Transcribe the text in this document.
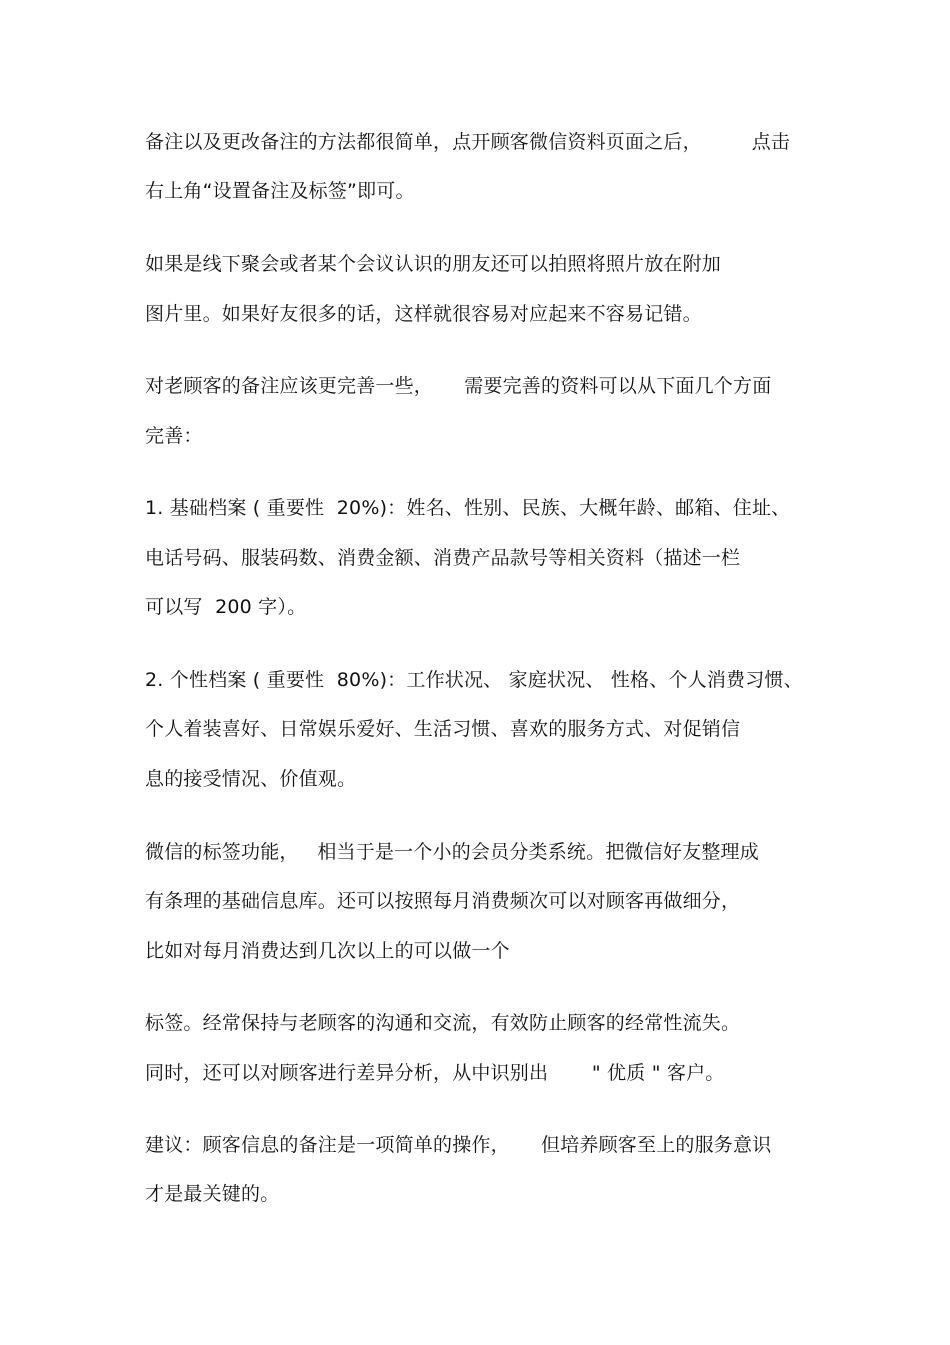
备注以及更改备注的方法都很简单，点开顾客微信资料页面之后，        点击
右上角“设置备注及标签”即可。
如果是线下聚会或者某个会议认识的朋友还可以拍照将照片放在附加
图片里。如果好友很多的话，这样就很容易对应起来不容易记错。
对老顾客的备注应该更完善一些，     需要完善的资料可以从下面几个方面
完善：
1. 基础档案 ( 重要性  20%)：姓名、性别、民族、大概年龄、邮箱、住址、
电话号码、服装码数、消费金额、消费产品款号等相关资料（描述一栏
可以写  200 字）。
2. 个性档案 ( 重要性  80%)：工作状况、 家庭状况、 性格、个人消费习惯、
个人着装喜好、日常娱乐爱好、生活习惯、喜欢的服务方式、对促销信
息的接受情况、价值观。
微信的标签功能，   相当于是一个小的会员分类系统。把微信好友整理成
有条理的基础信息库。还可以按照每月消费频次可以对顾客再做细分，
比如对每月消费达到几次以上的可以做一个
标签。经常保持与老顾客的沟通和交流，有效防止顾客的经常性流失。
同时，还可以对顾客进行差异分析，从中识别出       " 优质 " 客户。
建议：顾客信息的备注是一项简单的操作，     但培养顾客至上的服务意识
才是最关键的。
